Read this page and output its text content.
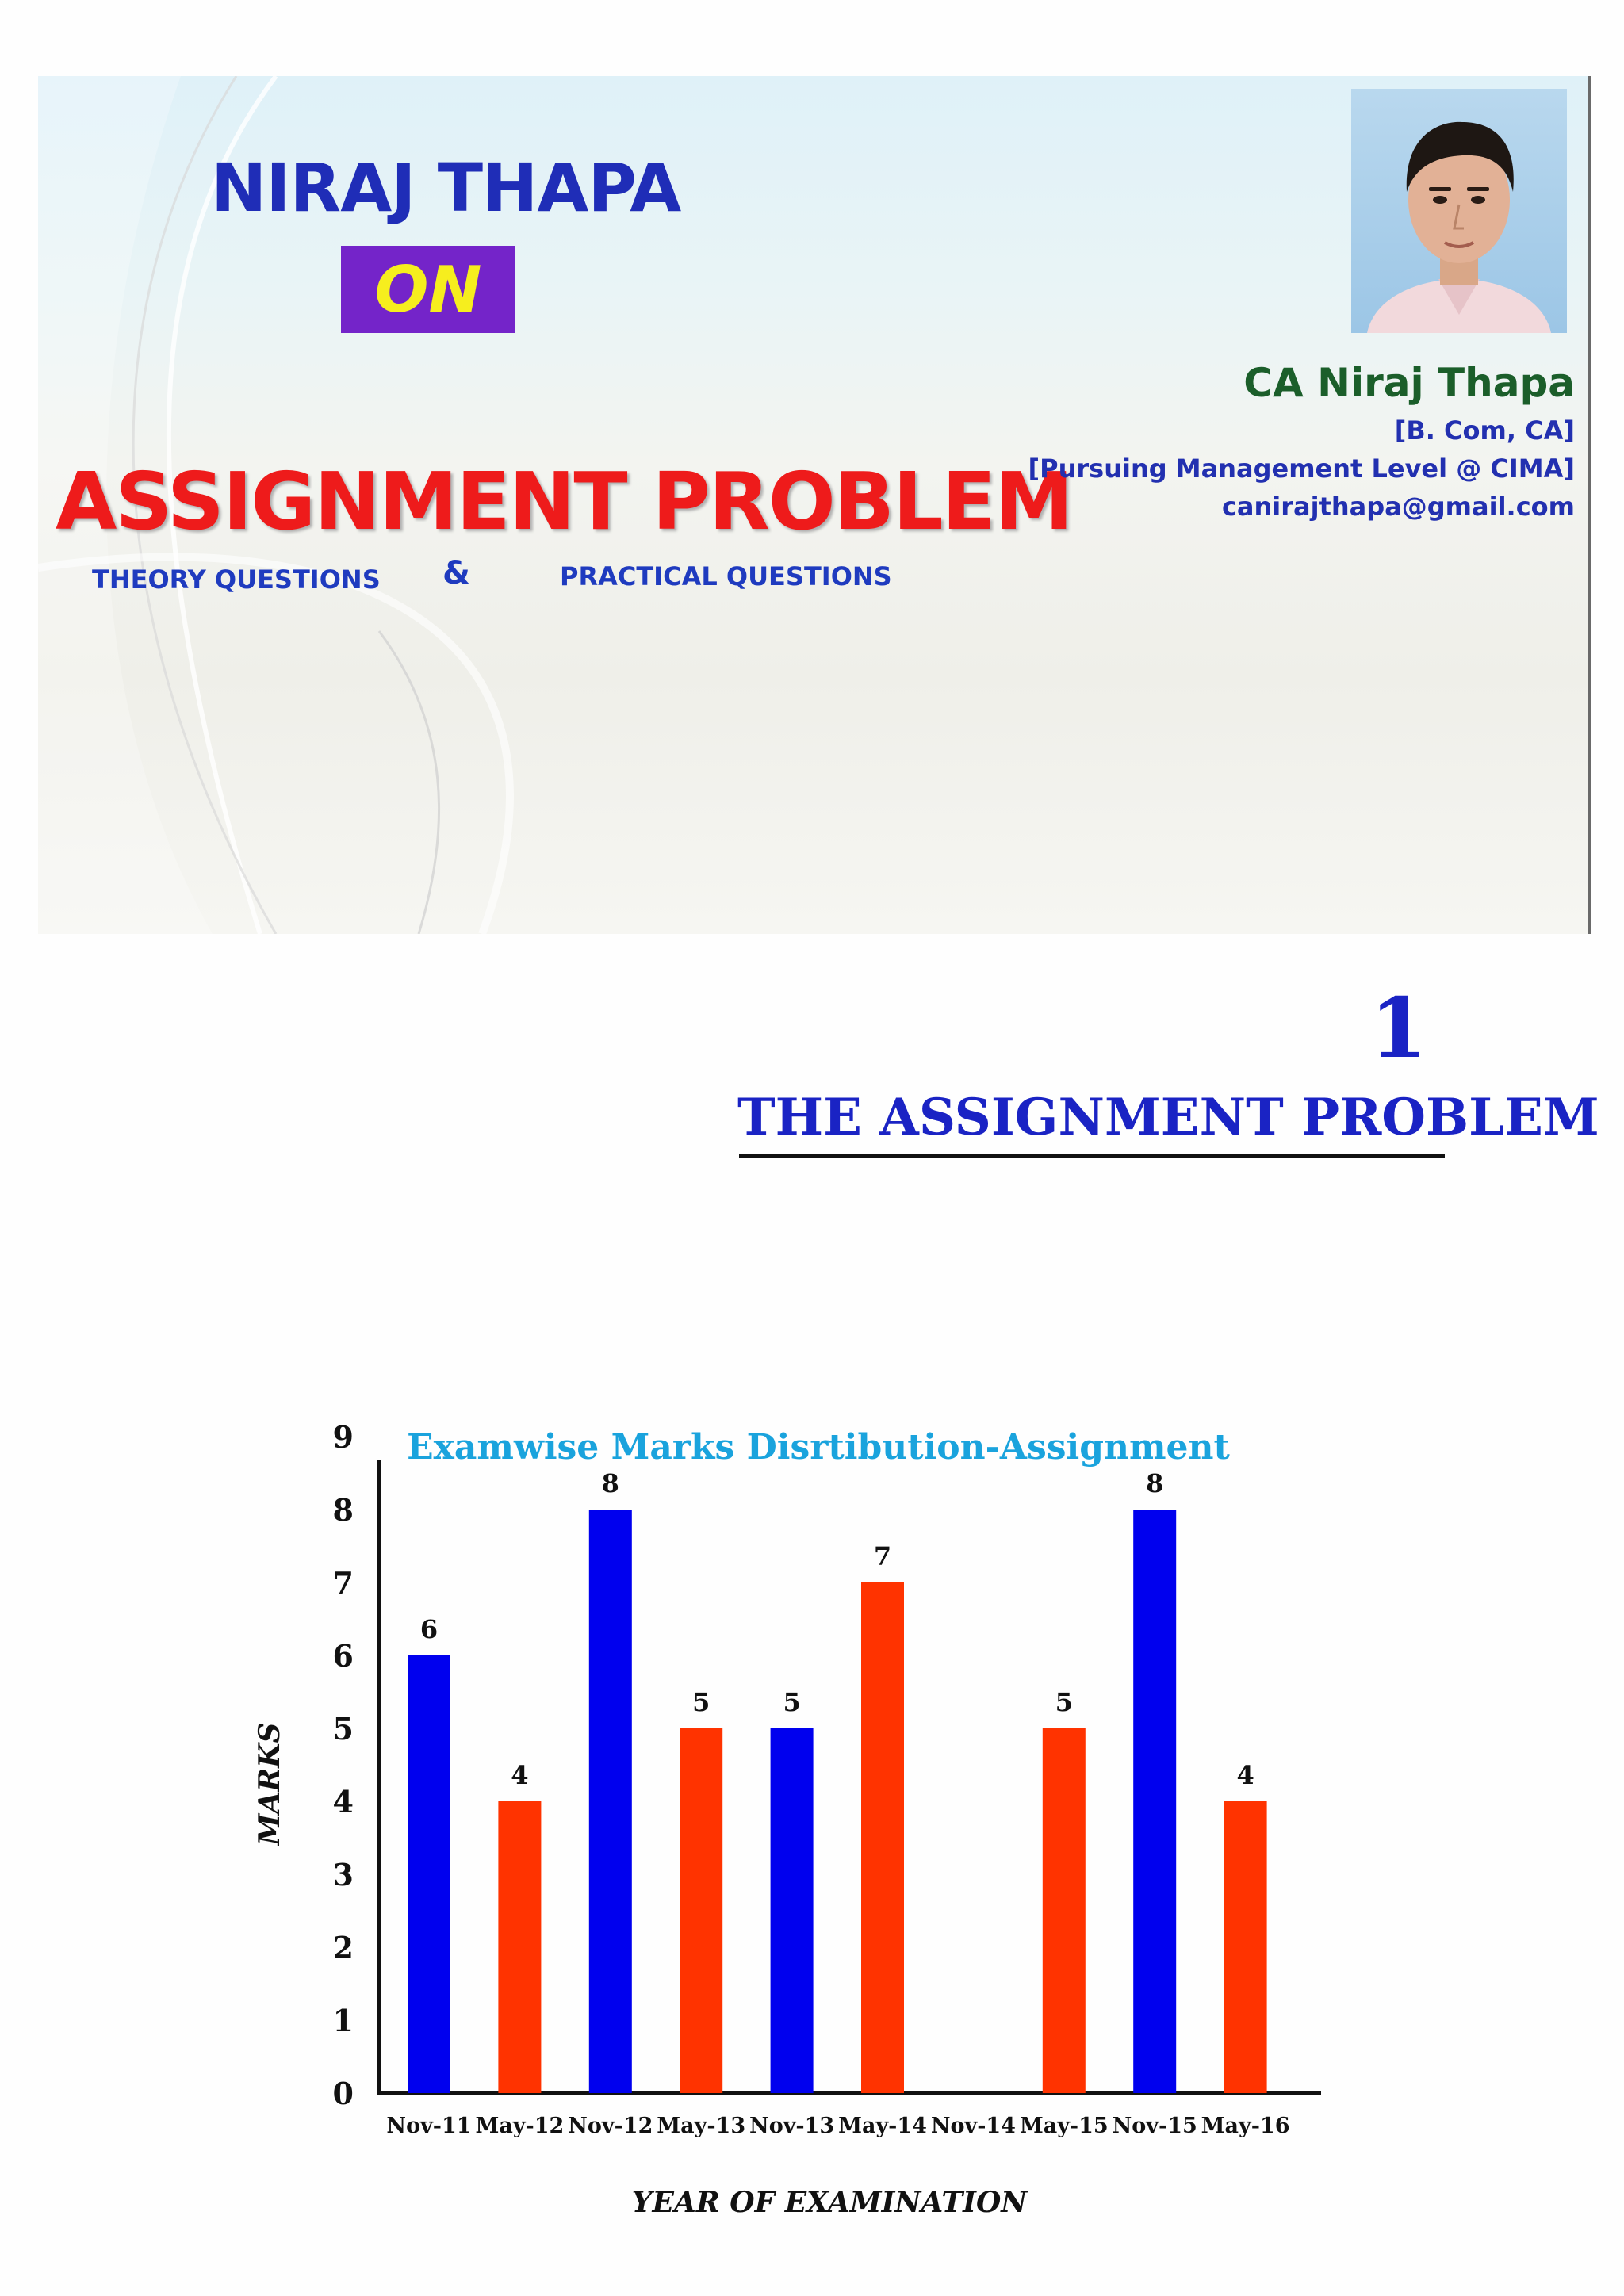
NIRAJ THAPA
ON
ASSIGNMENT PROBLEM
THEORY QUESTIONS &	PRACTICAL QUESTIONS
CA Niraj Thapa
[B. Com, CA]
[Pursuing Management Level @ CIMA]
canirajthapa@gmail.com
1
THE ASSIGNMENT PROBLEM
Examwise Marks Disrtibution-Assignment
0
1
2
3
4
5
6
7
8
9
6
Nov-11
4
May-12
8
Nov-12
5
May-13
5
Nov-13
7
May-14 Nov-14
5
May-15
8
Nov-15
4
May-16
YEAR OF EXAMINATION
MARKS
